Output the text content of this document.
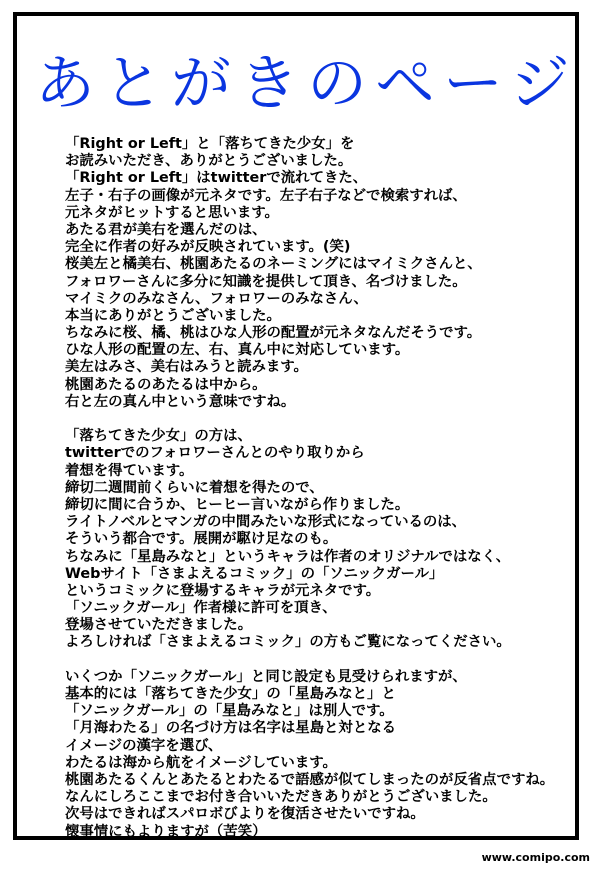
あとがきのページ
「Right or Left」と「落ちてきた少女」を
お読みいただき、ありがとうございました。
「Right or Left」はtwitterで流れてきた、
左子・右子の画像が元ネタです。左子右子などで検索すれば、
元ネタがヒットすると思います。
あたる君が美右を選んだのは、
完全に作者の好みが反映されています。(笑)
桜美左と橘美右、桃園あたるのネーミングにはマイミクさんと、
フォロワーさんに多分に知識を提供して頂き、名づけました。
マイミクのみなさん、フォロワーのみなさん、
本当にありがとうございました。
ちなみに桜、橘、桃はひな人形の配置が元ネタなんだそうです。
ひな人形の配置の左、右、真ん中に対応しています。
美左はみさ、美右はみうと読みます。
桃園あたるのあたるは中から。
右と左の真ん中という意味ですね。
「落ちてきた少女」の方は、
twitterでのフォロワーさんとのやり取りから
着想を得ています。
締切二週間前くらいに着想を得たので、
締切に間に合うか、ヒーヒー言いながら作りました。
ライトノベルとマンガの中間みたいな形式になっているのは、
そういう都合です。展開が駆け足なのも。
ちなみに「星島みなと」というキャラは作者のオリジナルではなく、
Webサイト「さまよえるコミック」の「ソニックガール」
というコミックに登場するキャラが元ネタです。
「ソニックガール」作者様に許可を頂き、
登場させていただきました。
よろしければ「さまよえるコミック」の方もご覧になってください。
いくつか「ソニックガール」と同じ設定も見受けられますが、
基本的には「落ちてきた少女」の「星島みなと」と
「ソニックガール」の「星島みなと」は別人です。
「月海わたる」の名づけ方は名字は星島と対となる
イメージの漢字を選び、
わたるは海から航をイメージしています。
桃園あたるくんとあたるとわたるで語感が似てしまったのが反省点ですね。
なんにしろここまでお付き合いいただきありがとうございました。
次号はできればスパロボびよりを復活させたいですね。
懐事情にもよりますが（苦笑）
www.comipo.com
